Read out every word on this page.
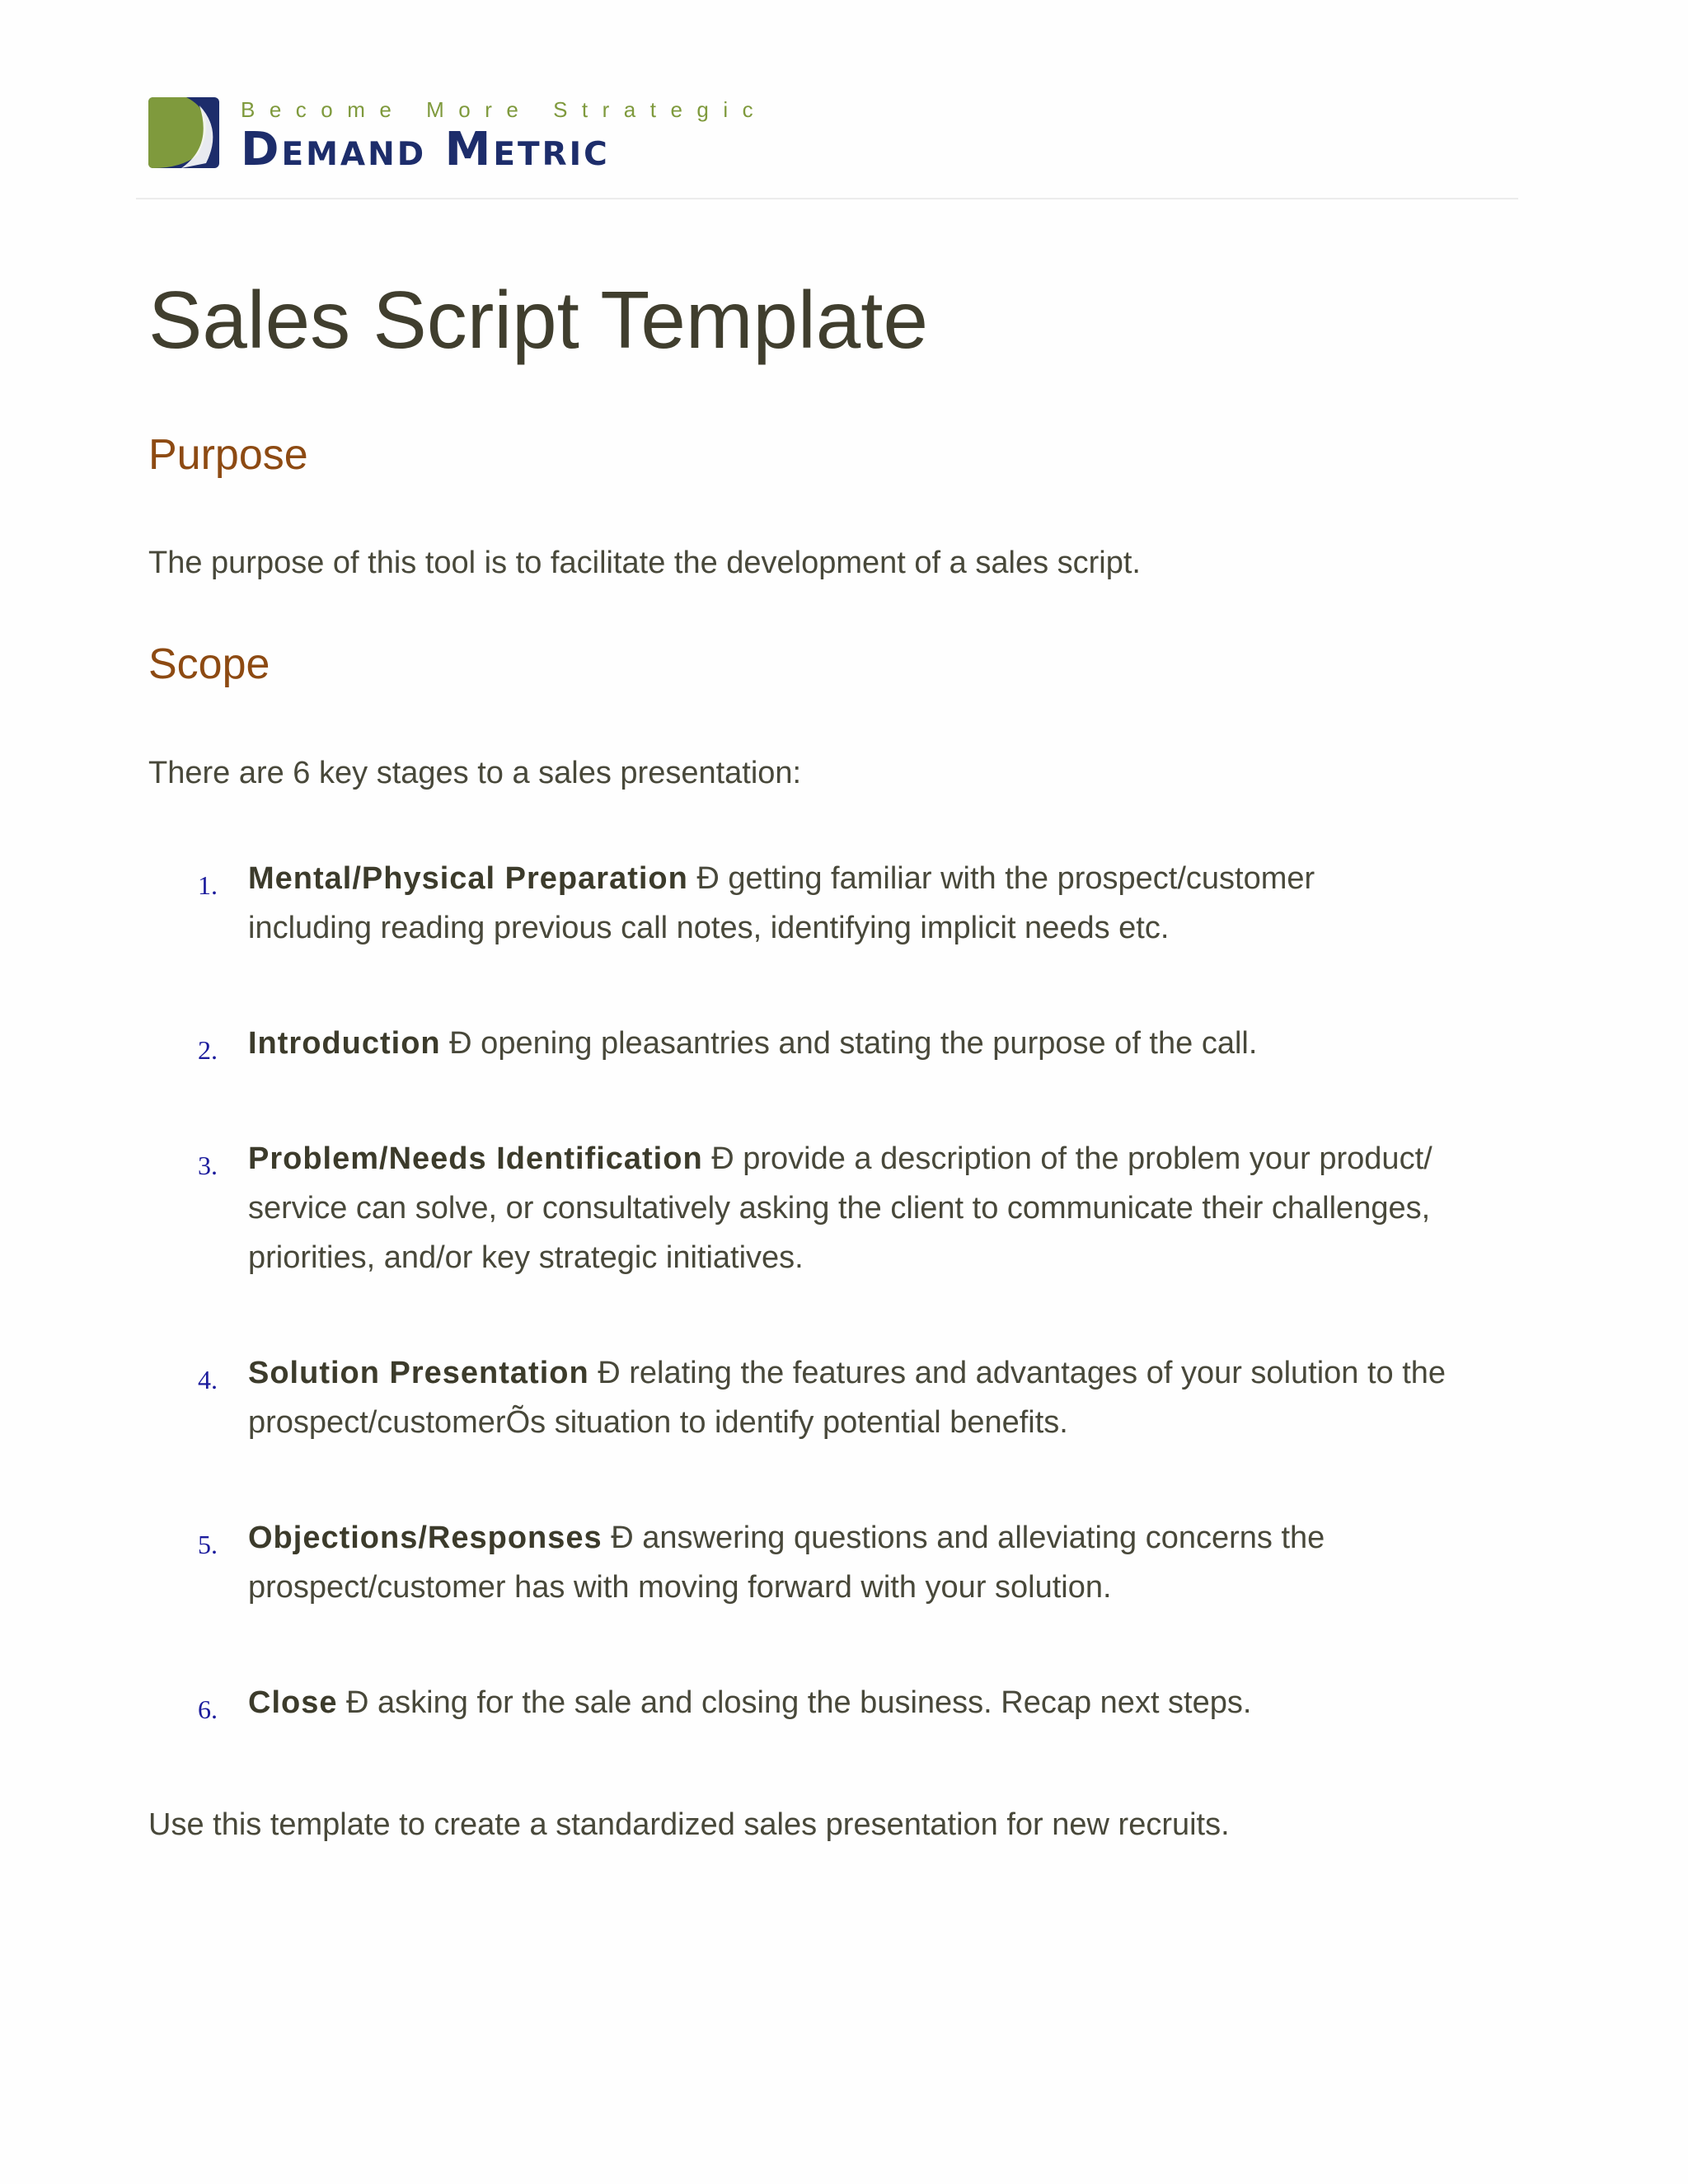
Become More Strategic
Demand Metric
Sales Script Template
Purpose
The purpose of this tool is to facilitate the development of a sales script.
Scope
There are 6 key stages to a sales presentation:
1. Mental/Physical Preparation Ð getting familiar with the prospect/customer
including reading previous call notes, identifying implicit needs etc.
2. Introduction Ð opening pleasantries and stating the purpose of the call.
3. Problem/Needs Identification Ð provide a description of the problem your product/
service can solve, or consultatively asking the client to communicate their challenges,
priorities, and/or key strategic initiatives.
4. Solution Presentation Ð relating the features and advantages of your solution to the
prospect/customerÕs situation to identify potential benefits.
5. Objections/Responses Ð answering questions and alleviating concerns the
prospect/customer has with moving forward with your solution.
6. Close Ð asking for the sale and closing the business. Recap next steps.
Use this template to create a standardized sales presentation for new recruits.
